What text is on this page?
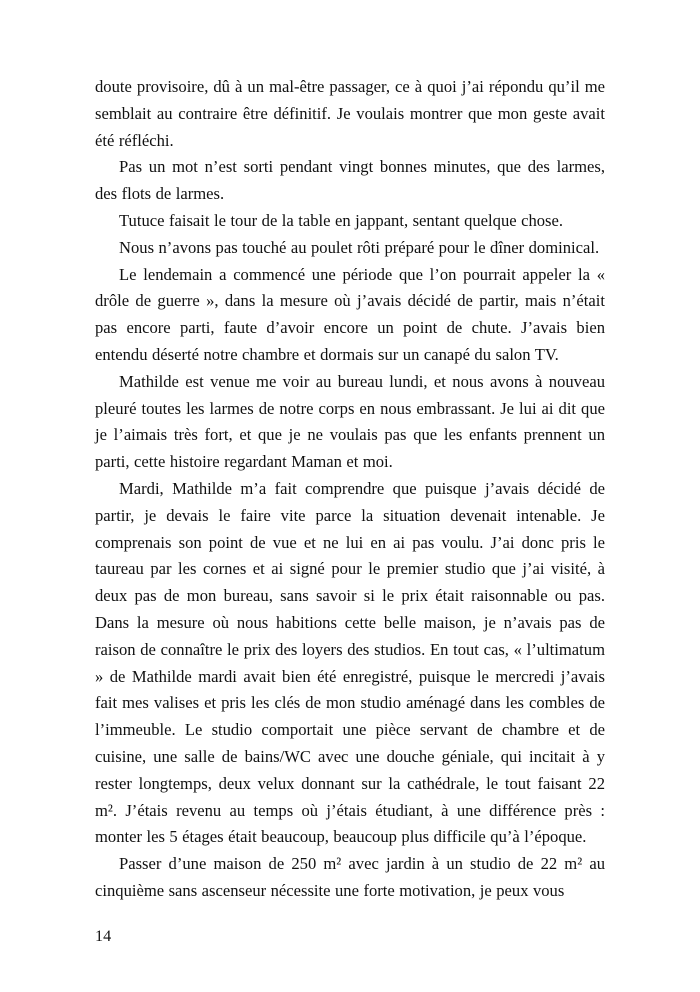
doute provisoire, dû à un mal-être passager, ce à quoi j’ai répondu qu’il me semblait au contraire être définitif. Je voulais montrer que mon geste avait été réfléchi.

Pas un mot n’est sorti pendant vingt bonnes minutes, que des larmes, des flots de larmes.

Tutuce faisait le tour de la table en jappant, sentant quelque chose.

Nous n’avons pas touché au poulet rôti préparé pour le dîner dominical.

Le lendemain a commencé une période que l’on pourrait appeler la « drôle de guerre », dans la mesure où j’avais décidé de partir, mais n’était pas encore parti, faute d’avoir encore un point de chute. J’avais bien entendu déserté notre chambre et dormais sur un canapé du salon TV.

Mathilde est venue me voir au bureau lundi, et nous avons à nouveau pleuré toutes les larmes de notre corps en nous embrassant. Je lui ai dit que je l’aimais très fort, et que je ne voulais pas que les enfants prennent un parti, cette histoire regardant Maman et moi.

Mardi, Mathilde m’a fait comprendre que puisque j’avais décidé de partir, je devais le faire vite parce la situation devenait intenable. Je comprenais son point de vue et ne lui en ai pas voulu. J’ai donc pris le taureau par les cornes et ai signé pour le premier studio que j’ai visité, à deux pas de mon bureau, sans savoir si le prix était raisonnable ou pas. Dans la mesure où nous habitions cette belle maison, je n’avais pas de raison de connaître le prix des loyers des studios. En tout cas, « l’ultimatum » de Mathilde mardi avait bien été enregistré, puisque le mercredi j’avais fait mes valises et pris les clés de mon studio aménagé dans les combles de l’immeuble. Le studio comportait une pièce servant de chambre et de cuisine, une salle de bains/WC avec une douche géniale, qui incitait à y rester longtemps, deux velux donnant sur la cathédrale, le tout faisant 22 m². J’étais revenu au temps où j’étais étudiant, à une différence près : monter les 5 étages était beaucoup, beaucoup plus difficile qu’à l’époque.

Passer d’une maison de 250 m² avec jardin à un studio de 22 m² au cinquième sans ascenseur nécessite une forte motivation, je peux vous

14
